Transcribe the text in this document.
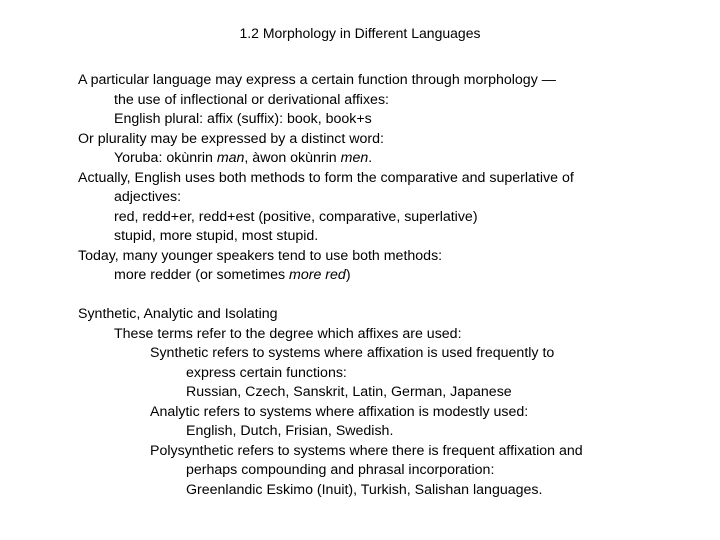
1.2 Morphology in Different Languages
A particular language may express a certain function through morphology —
the use of inflectional or derivational affixes:
English plural: affix (suffix): book, book+s
Or plurality may be expressed by a distinct word:
Yoruba: okùnrin man, àwon okùnrin men.
Actually, English uses both methods to form the comparative and superlative of
adjectives:
red, redd+er, redd+est (positive, comparative, superlative)
stupid, more stupid, most stupid.
Today, many younger speakers tend to use both methods:
more redder (or sometimes more red)
Synthetic, Analytic and Isolating
These terms refer to the degree which affixes are used:
Synthetic refers to systems where affixation is used frequently to
express certain functions:
Russian, Czech, Sanskrit, Latin, German, Japanese
Analytic refers to systems where affixation is modestly used:
English, Dutch, Frisian, Swedish.
Polysynthetic refers to systems where there is frequent affixation and
perhaps compounding and phrasal incorporation:
Greenlandic Eskimo (Inuit), Turkish, Salishan languages.
